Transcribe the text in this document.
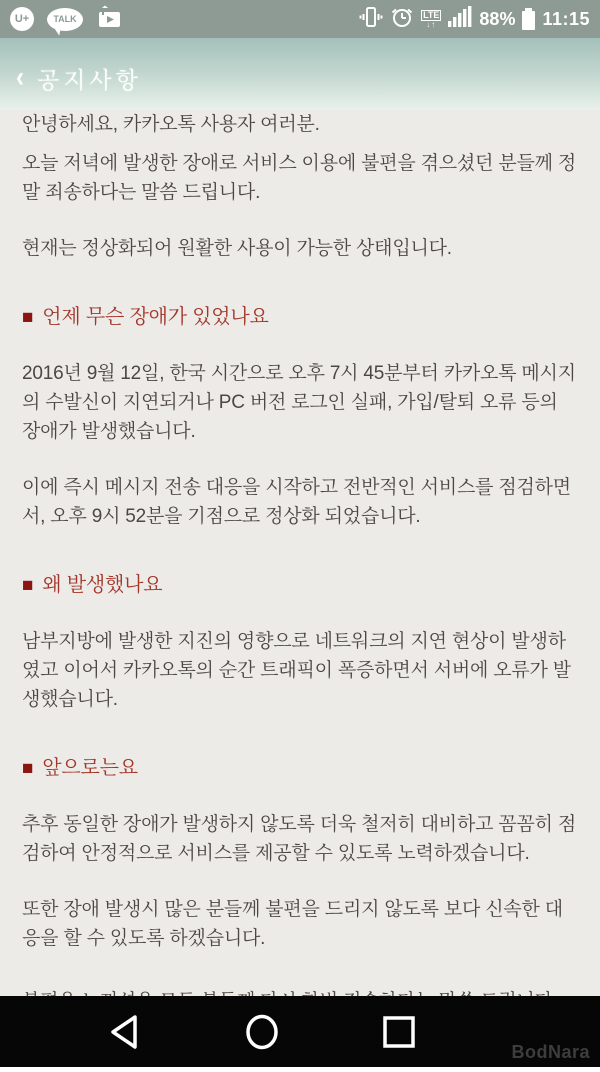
U+	TALK	LTE
↓↑ 88% 11:15
‹ 공지사항

안녕하세요, 카카오톡 사용자 여러분.

오늘 저녁에 발생한 장애로 서비스 이용에 불편을 겪으셨던 분들께 정말 죄송하다는 말씀 드립니다.

현재는 정상화되어 원활한 사용이 가능한 상태입니다.

■ 언제 무슨 장애가 있었나요

2016년 9월 12일, 한국 시간으로 오후 7시 45분부터 카카오톡 메시지의 수발신이 지연되거나 PC 버전 로그인 실패, 가입/탈퇴 오류 등의 장애가 발생했습니다.

이에 즉시 메시지 전송 대응을 시작하고 전반적인 서비스를 점검하면서, 오후 9시 52분을 기점으로 정상화 되었습니다.

■ 왜 발생했나요

남부지방에 발생한 지진의 영향으로 네트워크의 지연 현상이 발생하였고 이어서 카카오톡의 순간 트래픽이 폭증하면서 서버에 오류가 발생했습니다.

■ 앞으로는요

추후 동일한 장애가 발생하지 않도록 더욱 철저히 대비하고 꼼꼼히 점검하여 안정적으로 서비스를 제공할 수 있도록 노력하겠습니다.

또한 장애 발생시 많은 분들께 불편을 드리지 않도록 보다 신속한 대응을 할 수 있도록 하겠습니다.

BodNara
